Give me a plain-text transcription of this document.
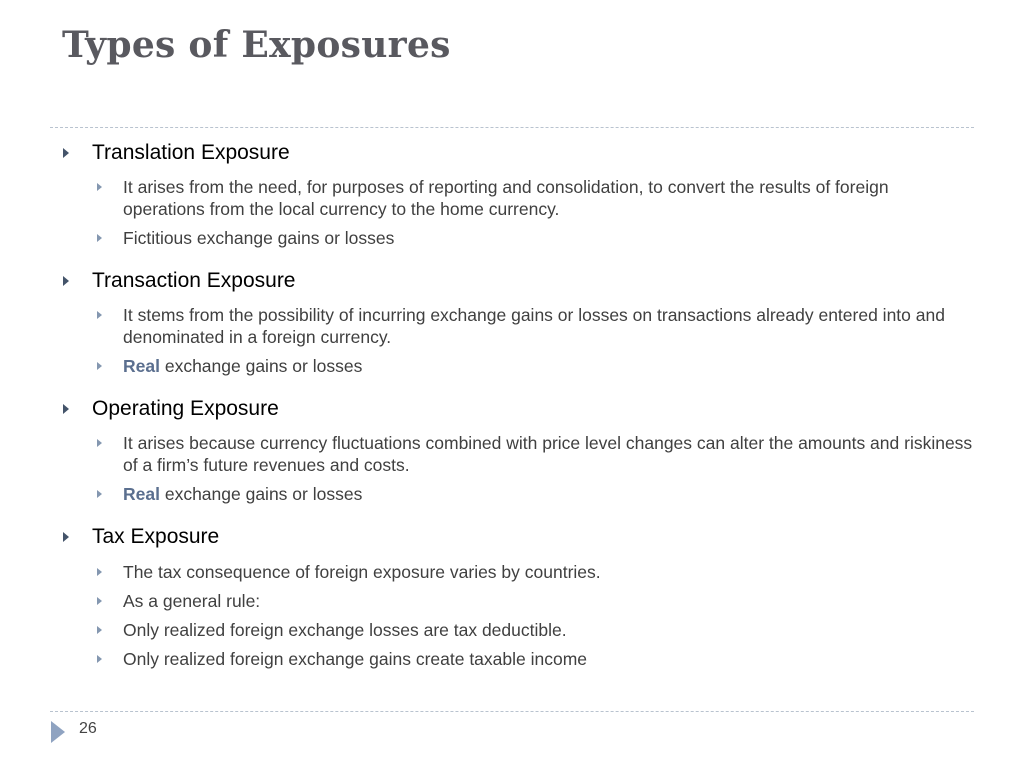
Types of Exposures
Translation Exposure
It arises from the need, for purposes of reporting and consolidation, to convert the results of foreign operations from the local currency to the home currency.
Fictitious exchange gains or losses
Transaction Exposure
It stems from the possibility of incurring exchange gains or losses on transactions already entered into and denominated in a foreign currency.
Real exchange gains or losses
Operating Exposure
It arises because currency fluctuations combined with price level changes can alter the amounts and riskiness of a firm’s future revenues and costs.
Real exchange gains or losses
Tax Exposure
The tax consequence of foreign exposure varies by countries.
As a general rule:
Only realized foreign exchange losses are tax deductible.
Only realized foreign exchange gains create taxable income
26
